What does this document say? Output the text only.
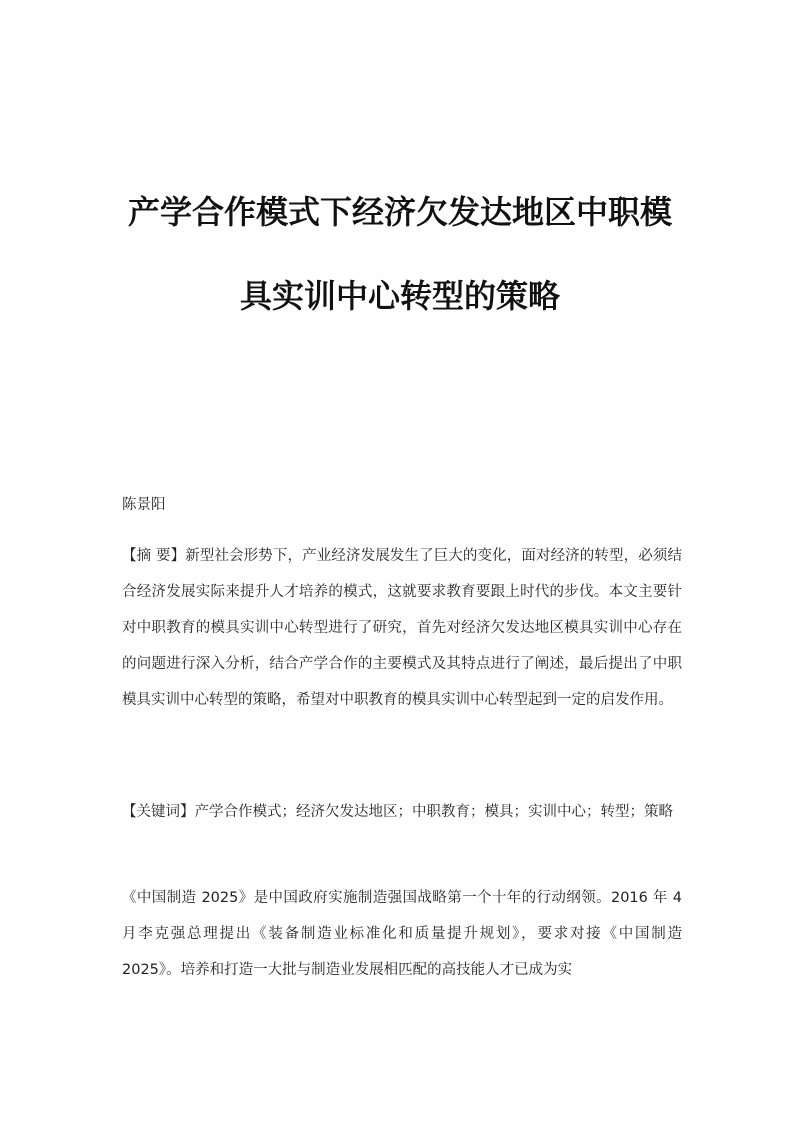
产学合作模式下经济欠发达地区中职模
具实训中心转型的策略
陈景阳

【摘 要】新型社会形势下，产业经济发展发生了巨大的变化，面对经济的转型，必须结合经济发展实际来提升人才培养的模式，这就要求教育要跟上时代的步伐。本文主要针对中职教育的模具实训中心转型进行了研究，首先对经济欠发达地区模具实训中心存在的问题进行深入分析，结合产学合作的主要模式及其特点进行了阐述，最后提出了中职模具实训中心转型的策略，希望对中职教育的模具实训中心转型起到一定的启发作用。

【关键词】产学合作模式；经济欠发达地区；中职教育；模具；实训中心；转型；策略

《中国制造 2025》是中国政府实施制造强国战略第一个十年的行动纲领。2016 年 4 月李克强总理提出《装备制造业标准化和质量提升规划》，要求对接《中国制造 2025》。培养和打造一大批与制造业发展相匹配的高技能人才已成为实
